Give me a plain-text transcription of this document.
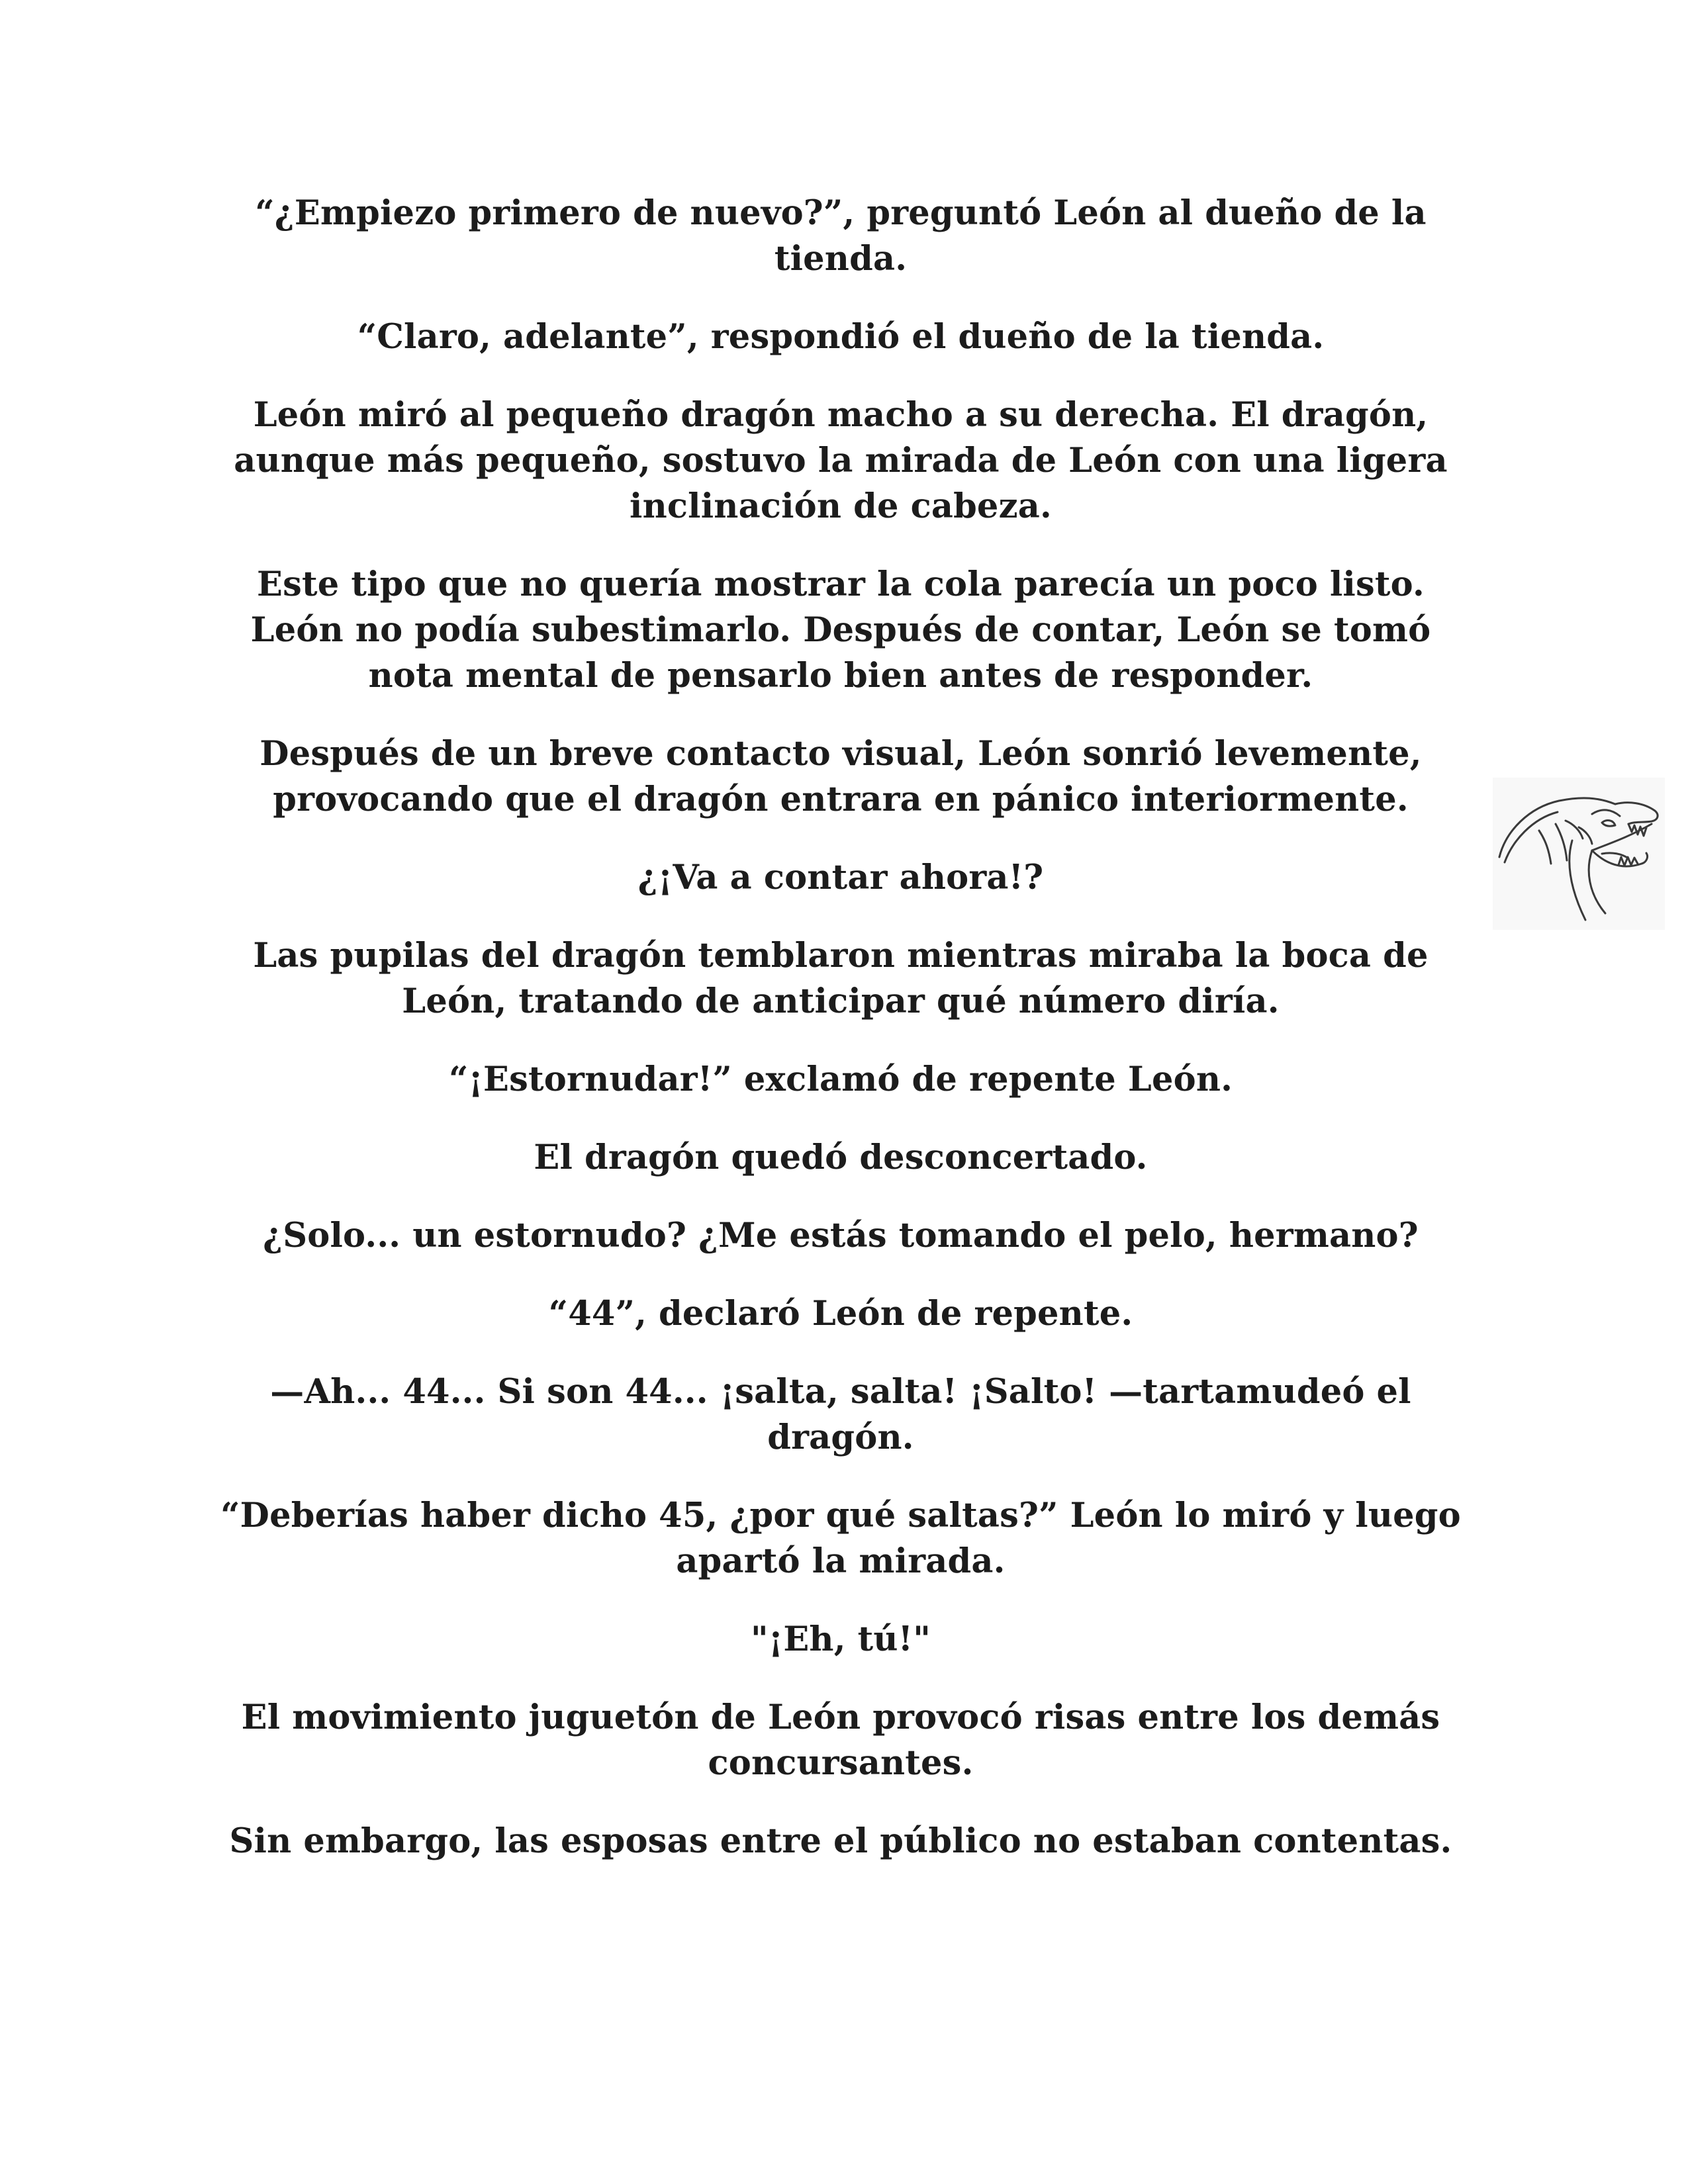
“¿Empiezo primero de nuevo?”, preguntó León al dueño de la tienda.

“Claro, adelante”, respondió el dueño de la tienda.

León miró al pequeño dragón macho a su derecha. El dragón, aunque más pequeño, sostuvo la mirada de León con una ligera inclinación de cabeza.

Este tipo que no quería mostrar la cola parecía un poco listo. León no podía subestimarlo. Después de contar, León se tomó nota mental de pensarlo bien antes de responder.

Después de un breve contacto visual, León sonrió levemente, provocando que el dragón entrara en pánico interiormente.

¿¡Va a contar ahora!?

Las pupilas del dragón temblaron mientras miraba la boca de León, tratando de anticipar qué número diría.

“¡Estornudar!” exclamó de repente León.

El dragón quedó desconcertado.

¿Solo... un estornudo? ¿Me estás tomando el pelo, hermano?

“44”, declaró León de repente.

—Ah... 44... Si son 44... ¡salta, salta! ¡Salto! —tartamudeó el dragón.

“Deberías haber dicho 45, ¿por qué saltas?” León lo miró y luego apartó la mirada.

"¡Eh, tú!"

El movimiento juguetón de León provocó risas entre los demás concursantes.

Sin embargo, las esposas entre el público no estaban contentas.
